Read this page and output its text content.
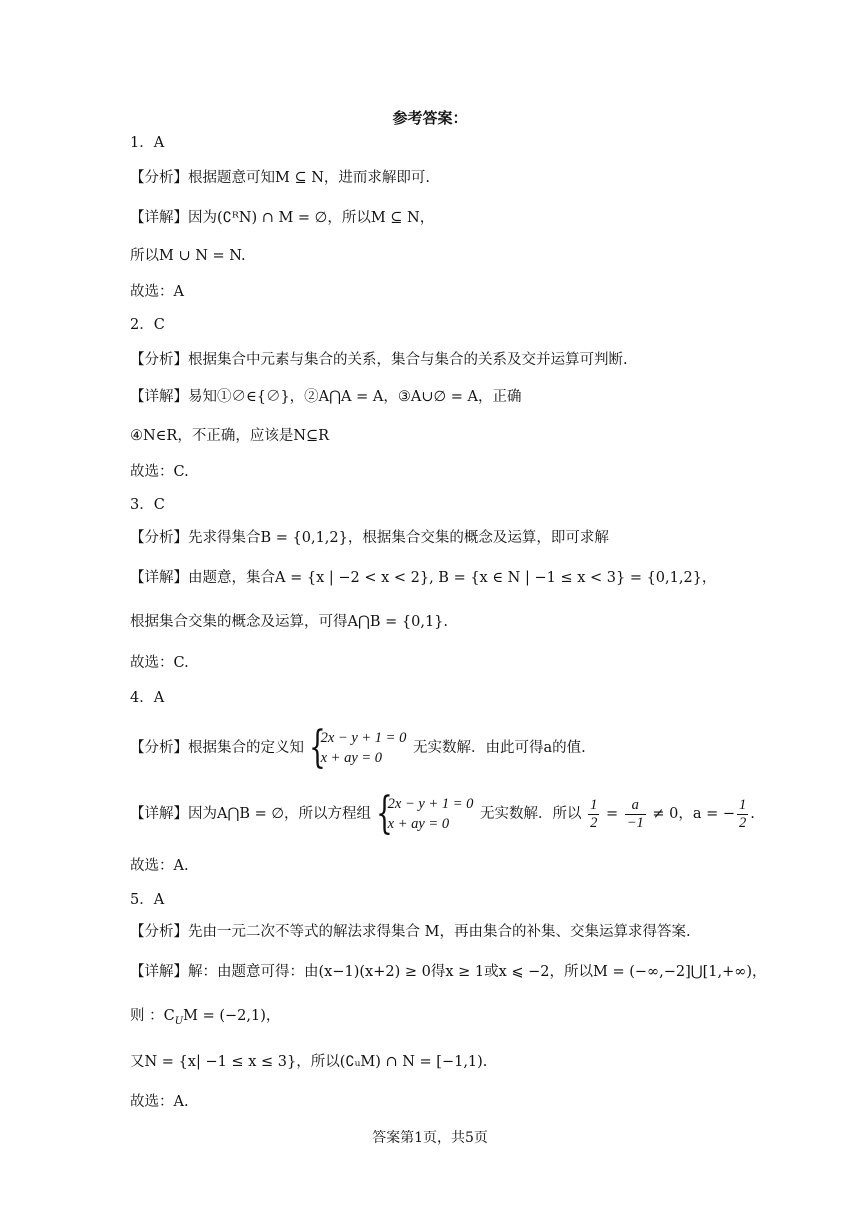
参考答案：
1．A
【分析】根据题意可知M ⊆ N，进而求解即可.
【详解】因为(∁ᴿN) ∩ M = ∅，所以M ⊆ N，
所以M ∪ N = N.
故选：A
2．C
【分析】根据集合中元素与集合的关系，集合与集合的关系及交并运算可判断.
【详解】易知①∅∈{∅}，②A⋂A = A，③A∪∅ = A，正确
④N∈R，不正确，应该是N⊆R
故选：C.
3．C
【分析】先求得集合B = {0,1,2}，根据集合交集的概念及运算，即可求解
【详解】由题意，集合A = {x | −2 < x < 2}, B = {x ∈ N | −1 ≤ x < 3} = {0,1,2}，
根据集合交集的概念及运算，可得A⋂B = {0,1}.
故选：C.
4．A
【分析】根据集合的定义知 {
2x − y + 1 = 0
x + ay = 0
无实数解．由此可得a的值.
【详解】因为A⋂B = ∅，所以方程组 {
2x − y + 1 = 0
x + ay = 0
无实数解．所以 $\frac{1}{2} = \frac{a}{-1} \ne 0$，a = − $\frac{1}{2}$ .
故选：A.
5．A
【分析】先由一元二次不等式的解法求得集合 M，再由集合的补集、交集运算求得答案.
【详解】解：由题意可得：由(x−1)(x+2) ≥ 0得x ≥ 1或x ⩽ −2，所以M = (−∞,−2]⋃[1,+∞)，
则 ：$C_UM = (-2,1)$，
又N = {x| −1 ≤ x ≤ 3}，所以(∁ᵤM) ∩ N = [−1,1).
故选：A.
答案第1页，共5页
